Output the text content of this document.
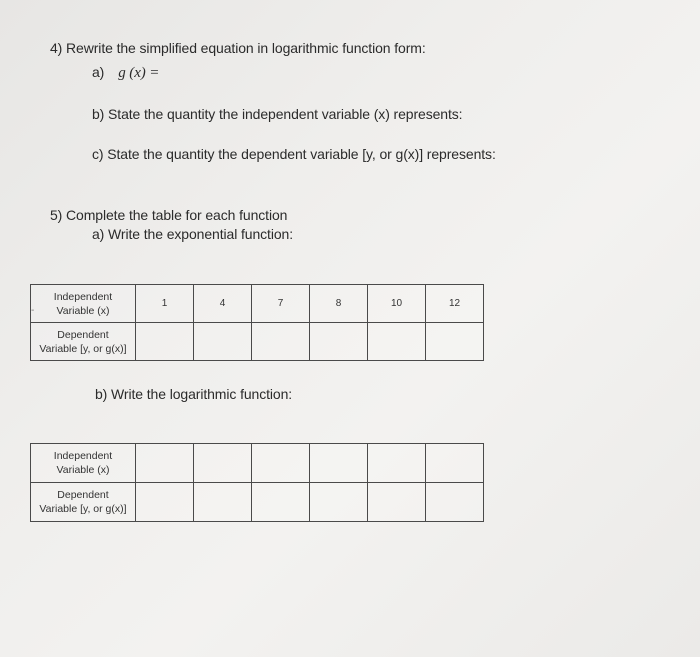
4) Rewrite the simplified equation in logarithmic function form:
a) g (x) =
b) State the quantity the independent variable (x) represents:
c) State the quantity the dependent variable [y, or g(x)] represents:
5) Complete the table for each function
a) Write the exponential function:
-
Independent
Variable (x)	1	4	7	8	10	12

Dependent
Variable [y, or g(x)]						

b) Write the logarithmic function:
Independent
Variable (x)						

Dependent
Variable [y, or g(x)]						
